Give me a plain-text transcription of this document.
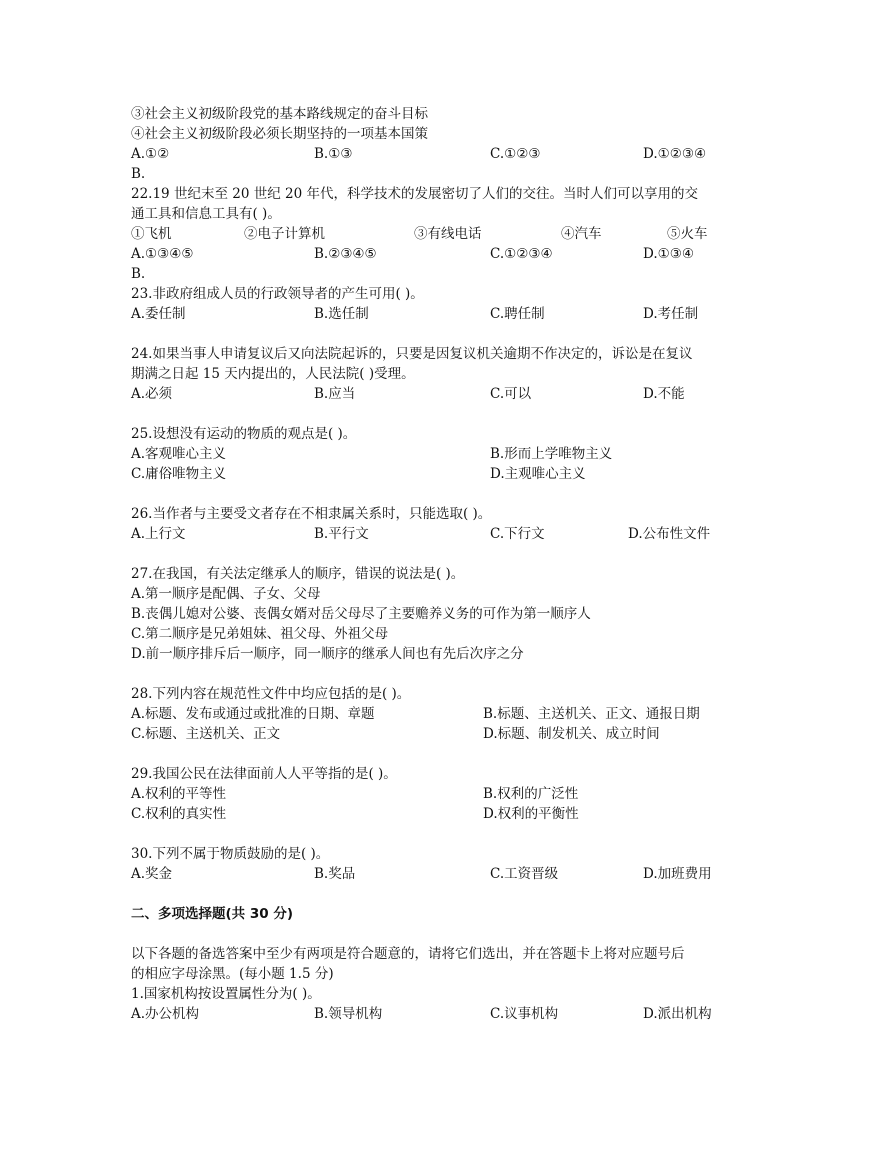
③社会主义初级阶段党的基本路线规定的奋斗目标
④社会主义初级阶段必须长期坚持的一项基本国策
A.①②	B.①③	C.①②③	D.①②③④
B.
22.19 世纪末至 20 世纪 20 年代，科学技术的发展密切了人们的交往。当时人们可以享用的交
通工具和信息工具有( )。
①飞机	②电子计算机	③有线电话	④汽车	⑤火车
A.①③④⑤	B.②③④⑤	C.①②③④	D.①③④
B.
23.非政府组成人员的行政领导者的产生可用( )。
A.委任制	B.选任制	C.聘任制	D.考任制
24.如果当事人申请复议后又向法院起诉的，只要是因复议机关逾期不作决定的，诉讼是在复议
期满之日起 15 天内提出的，人民法院( )受理。
A.必须	B.应当	C.可以	D.不能
25.设想没有运动的物质的观点是( )。
A.客观唯心主义	B.形而上学唯物主义
C.庸俗唯物主义	D.主观唯心主义
26.当作者与主要受文者存在不相隶属关系时，只能选取( )。
A.上行文	B.平行文	C.下行文	D.公布性文件
27.在我国，有关法定继承人的顺序，错误的说法是( )。
A.第一顺序是配偶、子女、父母
B.丧偶儿媳对公婆、丧偶女婿对岳父母尽了主要赡养义务的可作为第一顺序人
C.第二顺序是兄弟姐妹、祖父母、外祖父母
D.前一顺序排斥后一顺序，同一顺序的继承人间也有先后次序之分
28.下列内容在规范性文件中均应包括的是( )。
A.标题、发布或通过或批准的日期、章题	B.标题、主送机关、正文、通报日期
C.标题、主送机关、正文	D.标题、制发机关、成立时间
29.我国公民在法律面前人人平等指的是( )。
A.权利的平等性	B.权利的广泛性
C.权利的真实性	D.权利的平衡性
30.下列不属于物质鼓励的是( )。
A.奖金	B.奖品	C.工资晋级	D.加班费用
二、多项选择题(共 30 分)
以下各题的备选答案中至少有两项是符合题意的，请将它们选出，并在答题卡上将对应题号后
的相应字母涂黑。(每小题 1.5 分)
1.国家机构按设置属性分为( )。
A.办公机构	B.领导机构	C.议事机构	D.派出机构
